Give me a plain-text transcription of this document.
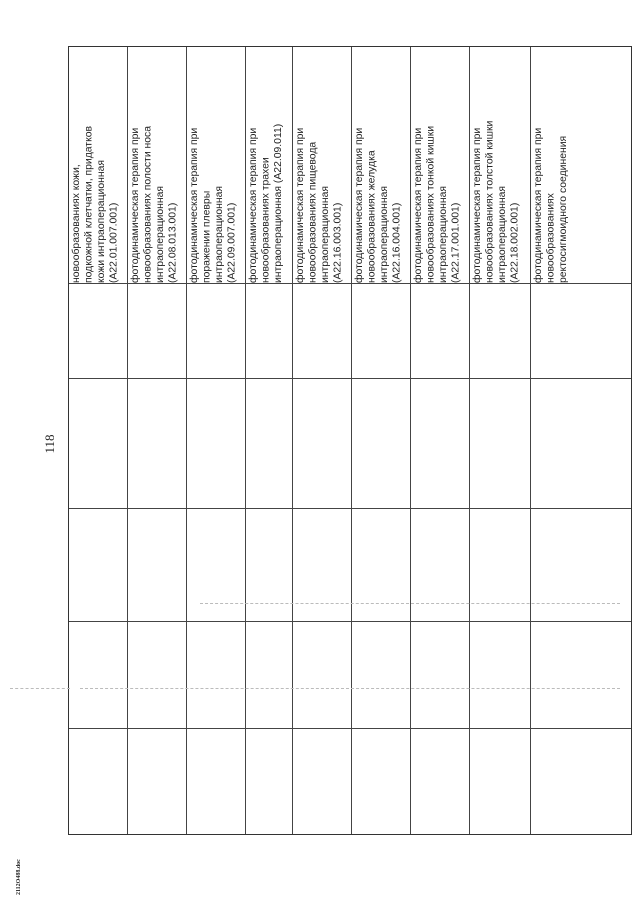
118
2112О488.doc
новообразованиях кожи,
подкожной клетчатки, придатков
кожи интраоперационная
(A22.01.007.001)	фотодинамическая терапия при
новообразованиях полости носа
интраоперационная
(A22.08.013.001)	фотодинамическая терапия при
поражении плевры
интраоперационная
(A22.09.007.001)	фотодинамическая терапия при
новообразованиях трахеи
интраоперационная (A22.09.011)
фотодинамическая терапия при
новообразованиях пищевода
интраоперационная
(A22.16.003.001)	фотодинамическая терапия при
новообразованиях желудка
интраоперационная
(A22.16.004.001)	фотодинамическая терапия при
новообразованиях тонкой кишки
интраоперационная
(A22.17.001.001)	фотодинамическая терапия при
новообразованиях толстой кишки
интраоперационная
(A22.18.002.001)	фотодинамическая терапия при
новообразованиях
ректосигмоидного соединения
